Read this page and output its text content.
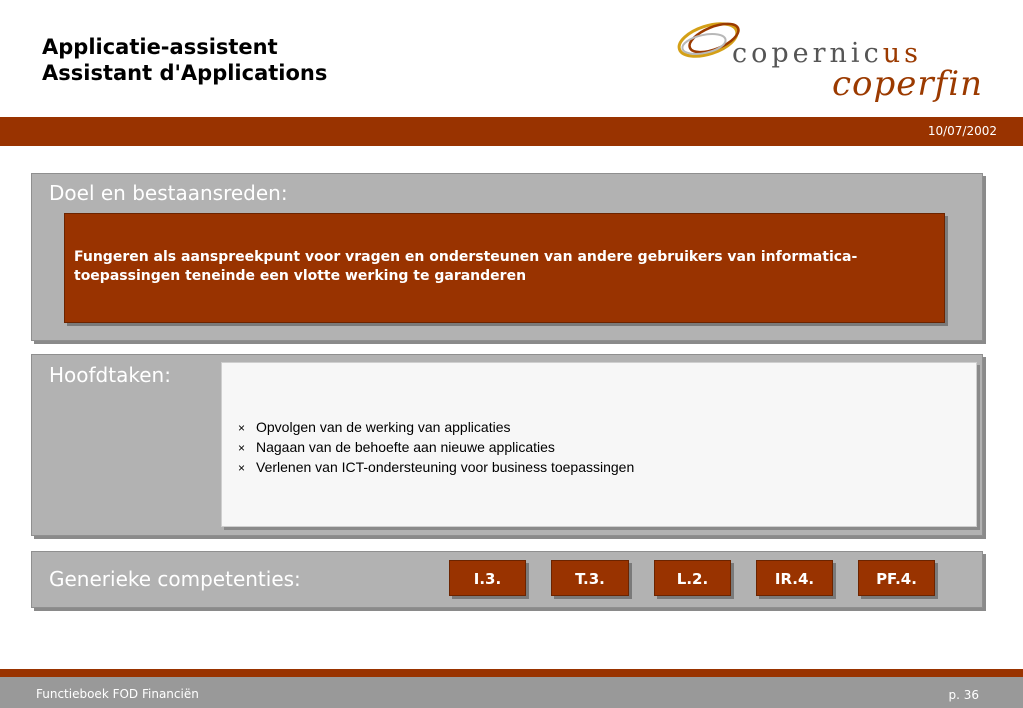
Applicatie-assistent
Assistant d'Applications
copernicus
coperfin
10/07/2002
Doel en bestaansreden:
Fungeren als aanspreekpunt voor vragen en ondersteunen van andere gebruikers van informatica-toepassingen teneinde een vlotte werking te garanderen
Hoofdtaken:
× Opvolgen van de werking van applicaties
× Nagaan van de behoefte aan nieuwe applicaties
× Verlenen van ICT-ondersteuning voor business toepassingen
Generieke competenties:	I.3.	T.3.	L.2.	IR.4.	PF.4.
Functieboek FOD Financiën	p. 36
